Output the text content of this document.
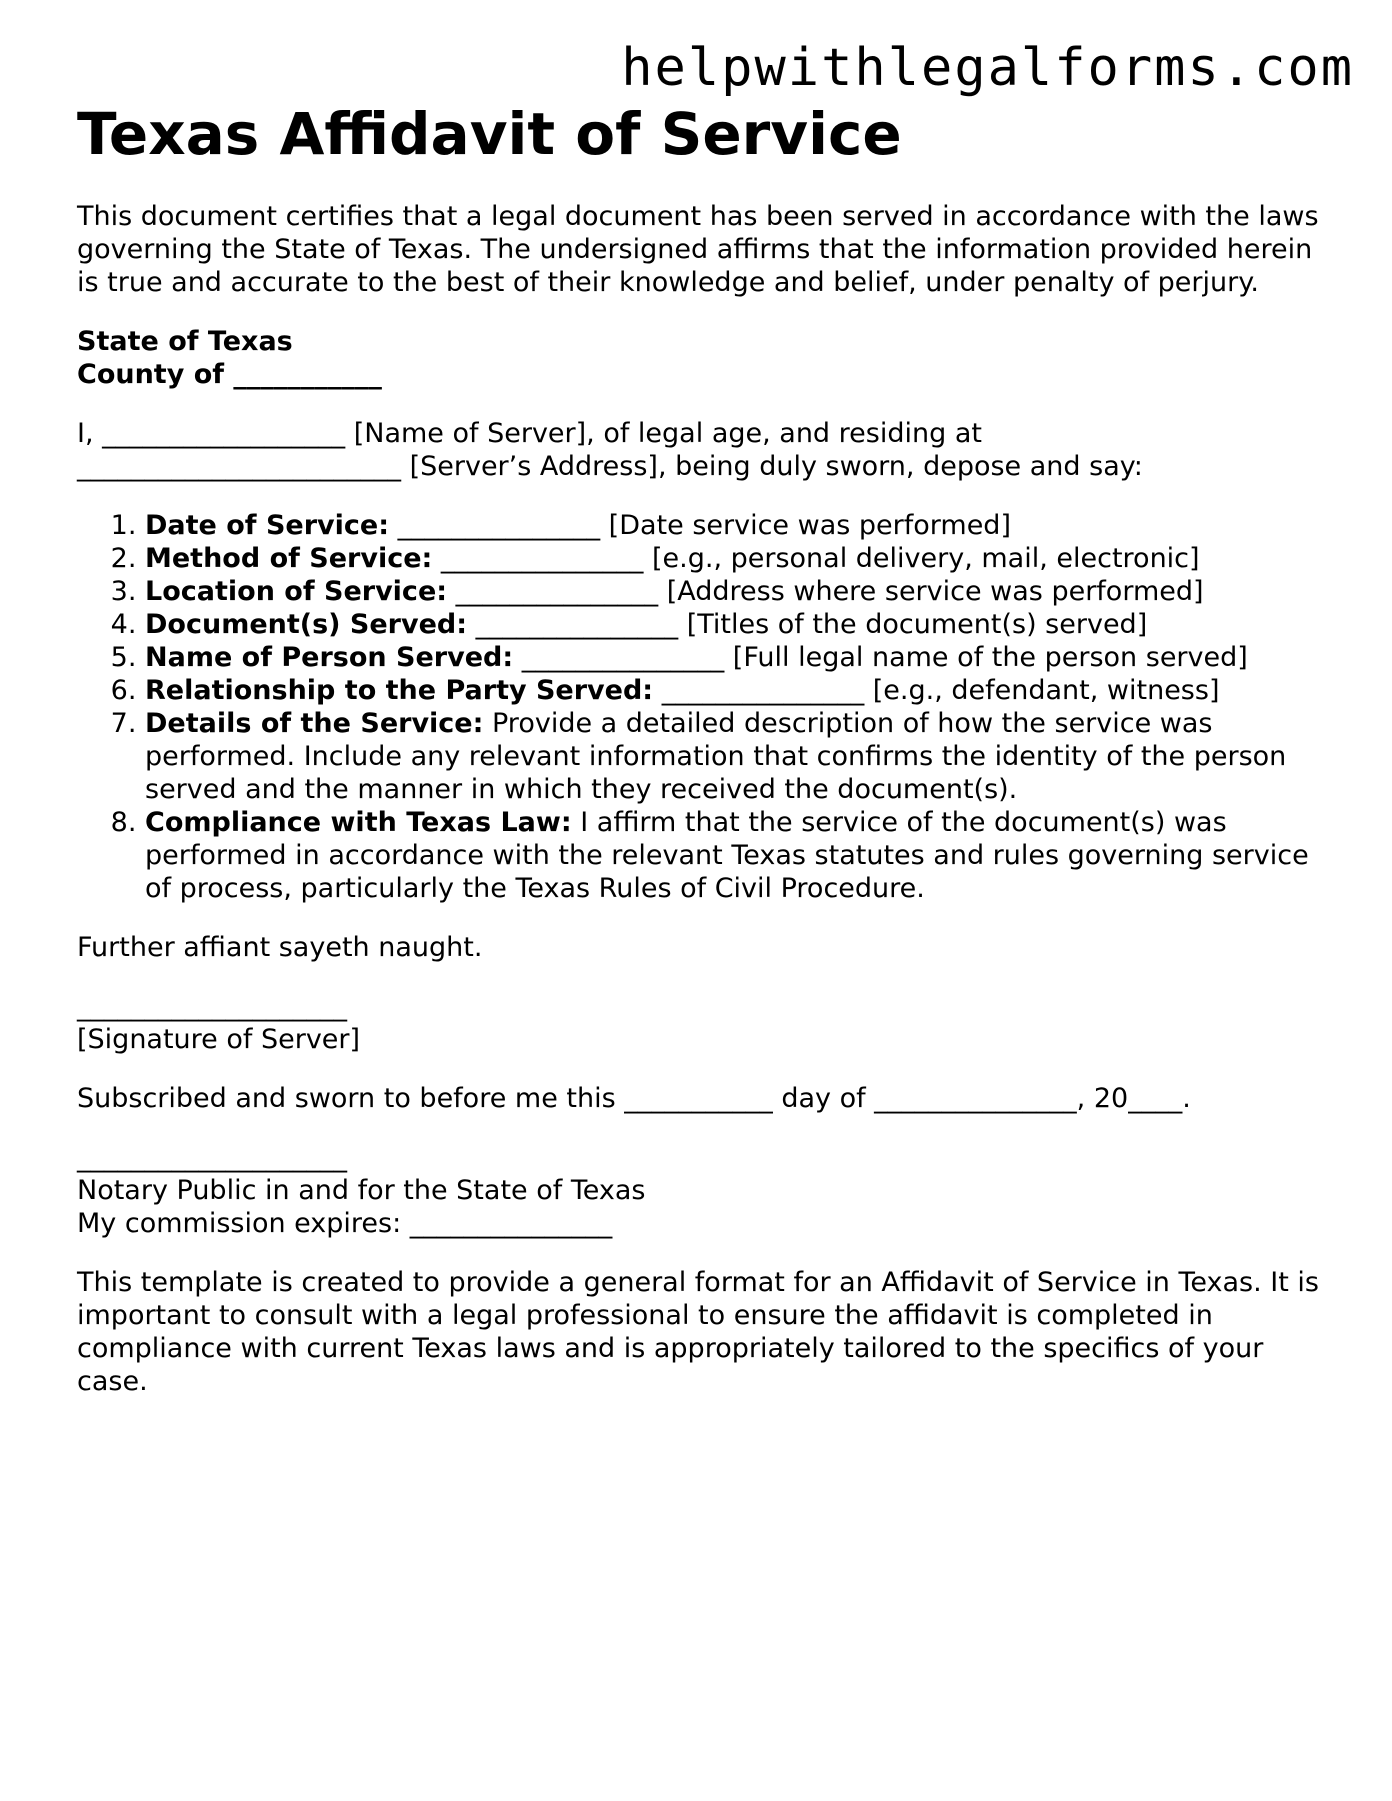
helpwithlegalforms.com
Texas Affidavit of Service

This document certifies that a legal document has been served in accordance with the laws governing the State of Texas. The undersigned affirms that the information provided herein is true and accurate to the best of their knowledge and belief, under penalty of perjury.

State of Texas
County of ___________
I, __________________ [Name of Server], of legal age, and residing at
________________________ [Server’s Address], being duly sworn, depose and say:
1. Date of Service: _______________ [Date service was performed]
2. Method of Service: _______________ [e.g., personal delivery, mail, electronic]
3. Location of Service: _______________ [Address where service was performed]
4. Document(s) Served: _______________ [Titles of the document(s) served]
5. Name of Person Served: _______________ [Full legal name of the person served]
6. Relationship to the Party Served: _______________ [e.g., defendant, witness]
7. Details of the Service: Provide a detailed description of how the service was performed. Include any relevant information that confirms the identity of the person served and the manner in which they received the document(s).
8. Compliance with Texas Law: I affirm that the service of the document(s) was performed in accordance with the relevant Texas statutes and rules governing service of process, particularly the Texas Rules of Civil Procedure.

Further affiant sayeth naught.

____________________
[Signature of Server]

Subscribed and sworn to before me this ___________ day of _______________, 20____.

____________________
Notary Public in and for the State of Texas
My commission expires: _______________

This template is created to provide a general format for an Affidavit of Service in Texas. It is important to consult with a legal professional to ensure the affidavit is completed in compliance with current Texas laws and is appropriately tailored to the specifics of your case.
